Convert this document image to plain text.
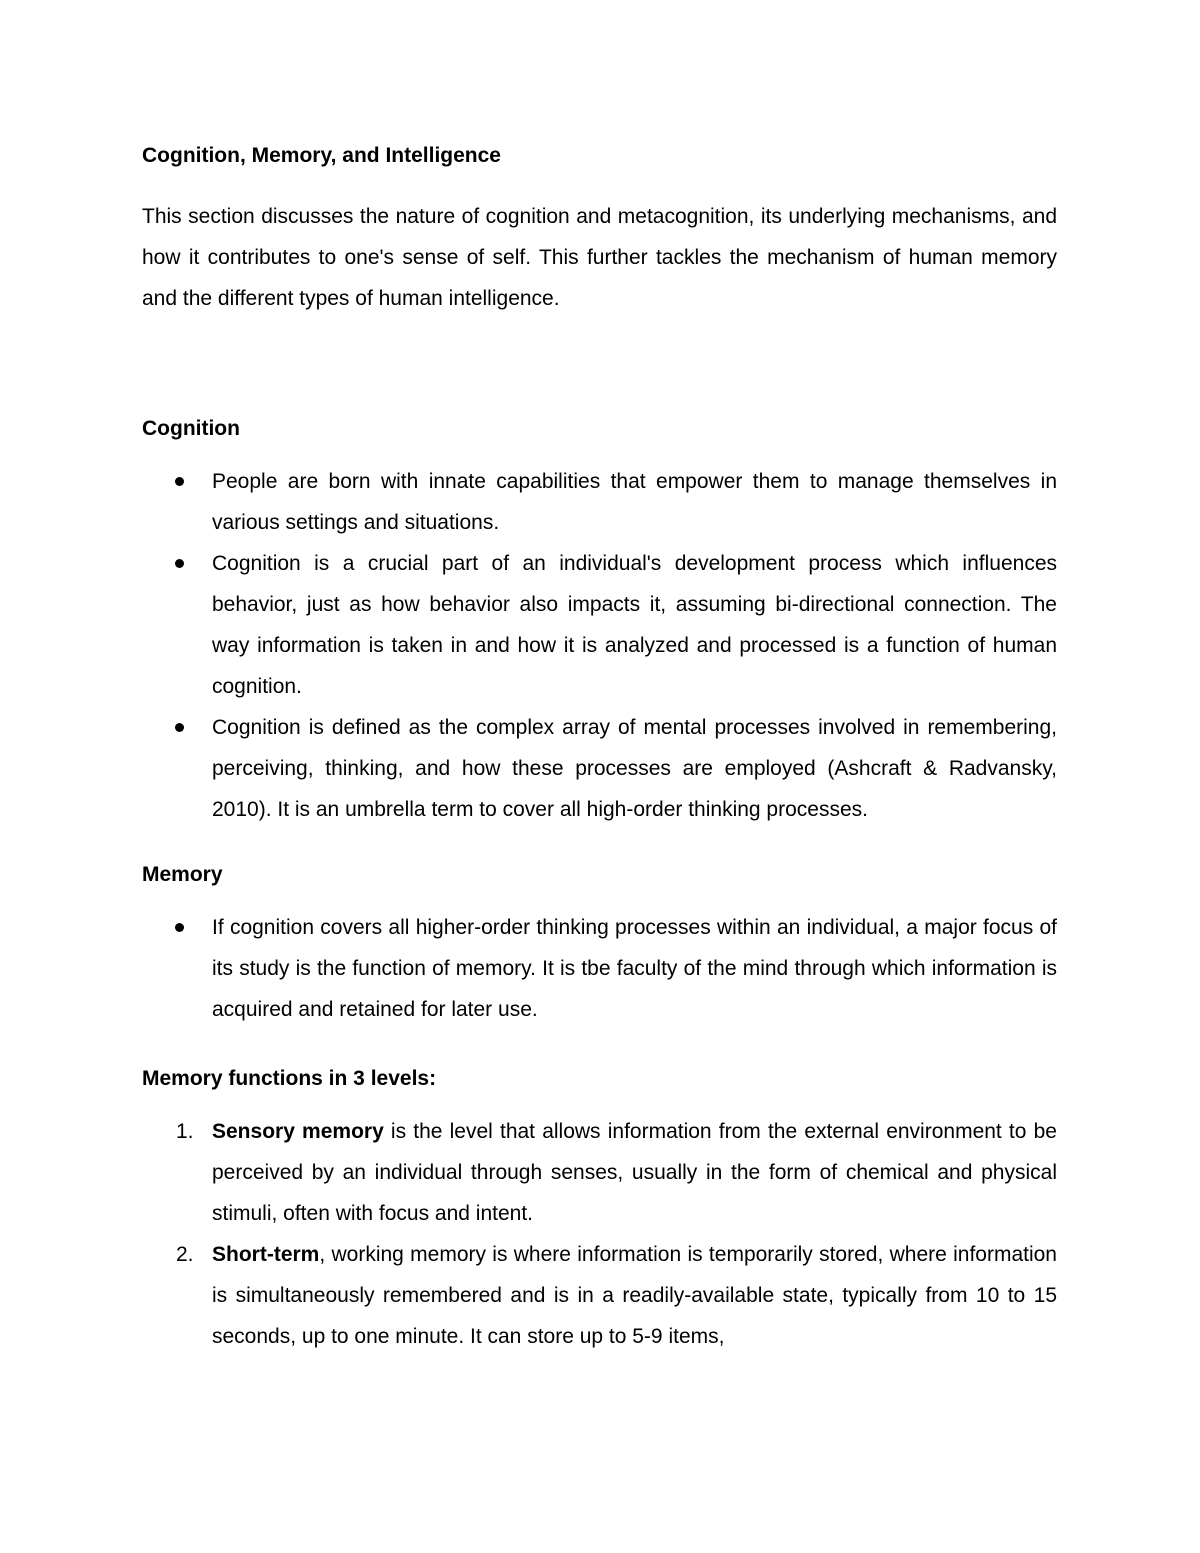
Cognition, Memory, and Intelligence

This section discusses the nature of cognition and metacognition, its underlying mechanisms, and how it contributes to one's sense of self. This further tackles the mechanism of human memory and the different types of human intelligence.

Cognition

People are born with innate capabilities that empower them to manage themselves in various settings and situations.
Cognition is a crucial part of an individual's development process which influences behavior, just as how behavior also impacts it, assuming bi-directional connection. The way information is taken in and how it is analyzed and processed is a function of human cognition.
Cognition is defined as the complex array of mental processes involved in remembering, perceiving, thinking, and how these processes are employed (Ashcraft & Radvansky, 2010). It is an umbrella term to cover all high-order thinking processes.

Memory

If cognition covers all higher-order thinking processes within an individual, a major focus of its study is the function of memory. It is tbe faculty of the mind through which information is acquired and retained for later use.

Memory functions in 3 levels:

1. Sensory memory is the level that allows information from the external environment to be perceived by an individual through senses, usually in the form of chemical and physical stimuli, often with focus and intent.
2. Short-term, working memory is where information is temporarily stored, where information is simultaneously remembered and is in a readily-available state, typically from 10 to 15 seconds, up to one minute. It can store up to 5-9 items,
